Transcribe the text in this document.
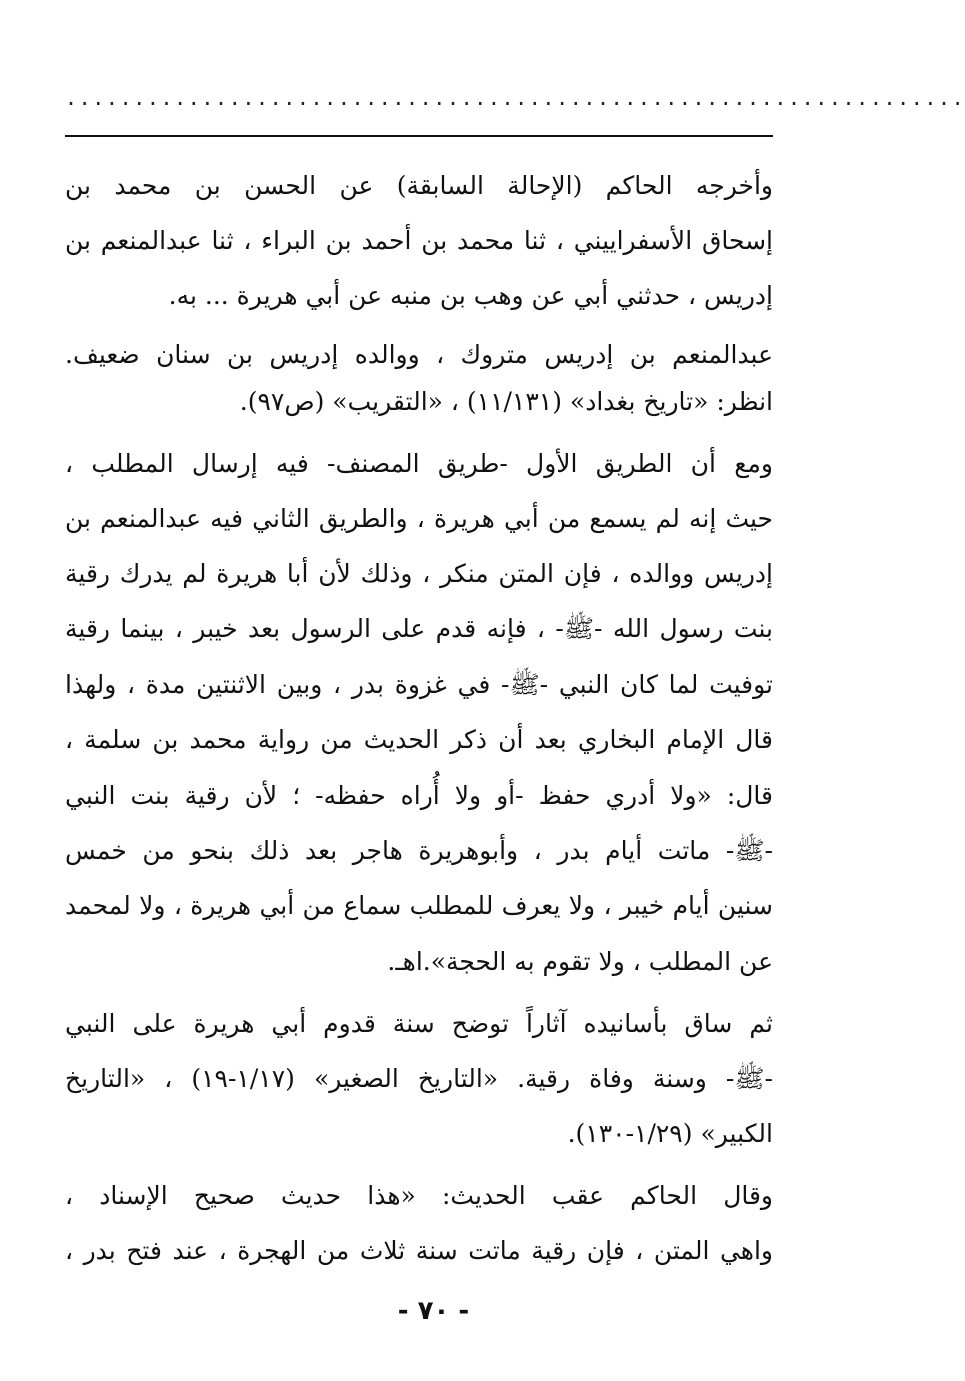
..................................................................
وأخرجه الحاكم (الإحالة السابقة) عن الحسن بن محمد بن
إسحاق الأسفراييني ، ثنا محمد بن أحمد بن البراء ، ثنا عبدالمنعم بن
إدريس ، حدثني أبي عن وهب بن منبه عن أبي هريرة ... به.
عبدالمنعم بن إدريس متروك ، ووالده إدريس بن سنان ضعيف.
انظر: «تاريخ بغداد» (١١/١٣١) ، «التقريب» (ص٩٧).
ومع أن الطريق الأول -طريق المصنف- فيه إرسال المطلب ،
حيث إنه لم يسمع من أبي هريرة ، والطريق الثاني فيه عبدالمنعم بن
إدريس ووالده ، فإن المتن منكر ، وذلك لأن أبا هريرة لم يدرك رقية
بنت رسول الله -ﷺ- ، فإنه قدم على الرسول بعد خيبر ، بينما رقية
توفيت لما كان النبي -ﷺ- في غزوة بدر ، وبين الاثنتين مدة ، ولهذا
قال الإمام البخاري بعد أن ذكر الحديث من رواية محمد بن سلمة ،
قال: «ولا أدري حفظ -أو ولا أُراه حفظه- ؛ لأن رقية بنت النبي
-ﷺ- ماتت أيام بدر ، وأبوهريرة هاجر بعد ذلك بنحو من خمس
سنين أيام خيبر ، ولا يعرف للمطلب سماع من أبي هريرة ، ولا لمحمد
عن المطلب ، ولا تقوم به الحجة».اهـ.
ثم ساق بأسانيده آثاراً توضح سنة قدوم أبي هريرة على النبي
-ﷺ- وسنة وفاة رقية. «التاريخ الصغير» (١/١٧-١٩) ، «التاريخ
الكبير» (١/٢٩-١٣٠).
وقال الحاكم عقب الحديث: «هذا حديث صحيح الإسناد ،
واهي المتن ، فإن رقية ماتت سنة ثلاث من الهجرة ، عند فتح بدر ،
- ٧٠ -
